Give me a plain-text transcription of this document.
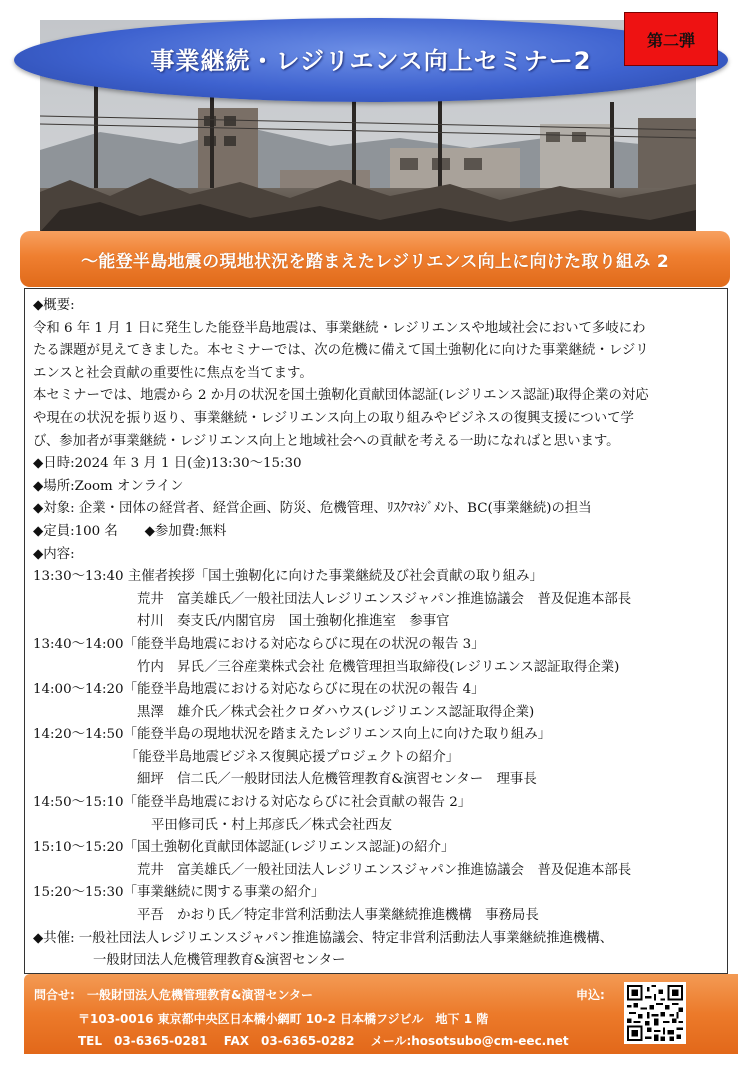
事業継続・レジリエンス向上セミナー2
第二弾
～能登半島地震の現地状況を踏まえたレジリエンス向上に向けた取り組み 2
◆概要:
令和 6 年 1 月 1 日に発生した能登半島地震は、事業継続・レジリエンスや地域社会において多岐にわ
たる課題が見えてきました。本セミナーでは、次の危機に備えて国土強靭化に向けた事業継続・レジリ
エンスと社会貢献の重要性に焦点を当てます。
本セミナーでは、地震から 2 か月の状況を国土強靭化貢献団体認証(レジリエンス認証)取得企業の対応
や現在の状況を振り返り、事業継続・レジリエンス向上の取り組みやビジネスの復興支援について学
び、参加者が事業継続・レジリエンス向上と地域社会への貢献を考える一助になればと思います。
◆日時:2024 年 3 月 1 日(金)13:30～15:30
◆場所:Zoom オンライン
◆対象: 企業・団体の経営者、経営企画、防災、危機管理、ﾘｽｸﾏﾈｼﾞﾒﾝﾄ、BC(事業継続)の担当
◆定員:100 名　　 ◆参加費:無料
◆内容:
13:30～13:40 主催者挨拶「国土強靭化に向けた事業継続及び社会貢献の取り組み」
荒井　富美雄氏／一般社団法人レジリエンスジャパン推進協議会　普及促進本部長
村川　奏支氏/内閣官房　国土強靭化推進室　参事官
13:40～14:00「能登半島地震における対応ならびに現在の状況の報告 3」
竹内　昇氏／三谷産業株式会社 危機管理担当取締役(レジリエンス認証取得企業)
14:00～14:20「能登半島地震における対応ならびに現在の状況の報告 4」
黒澤　雄介氏／株式会社クロダハウス(レジリエンス認証取得企業)
14:20～14:50「能登半島の現地状況を踏まえたレジリエンス向上に向けた取り組み」
「能登半島地震ビジネス復興応援プロジェクトの紹介」
細坪　信二氏／一般財団法人危機管理教育&演習センター　理事長
14:50～15:10「能登半島地震における対応ならびに社会貢献の報告 2」
平田修司氏・村上邦彦氏／株式会社西友
15:10～15:20「国土強靭化貢献団体認証(レジリエンス認証)の紹介」
荒井　富美雄氏／一般社団法人レジリエンスジャパン推進協議会　普及促進本部長
15:20～15:30「事業継続に関する事業の紹介」
平吾　かおり氏／特定非営利活動法人事業継続推進機構　事務局長
◆共催: 一般社団法人レジリエンスジャパン推進協議会、特定非営利活動法人事業継続推進機構、
一般財団法人危機管理教育&演習センター
問合せ: 一般財団法人危機管理教育&演習センター
〒103-0016 東京都中央区日本橋小網町 10-2 日本橋フジビル　地下 1 階
TEL　03-6365-0281 FAX　03-6365-0282 メール:hosotsubo@cm-eec.net
申込:
